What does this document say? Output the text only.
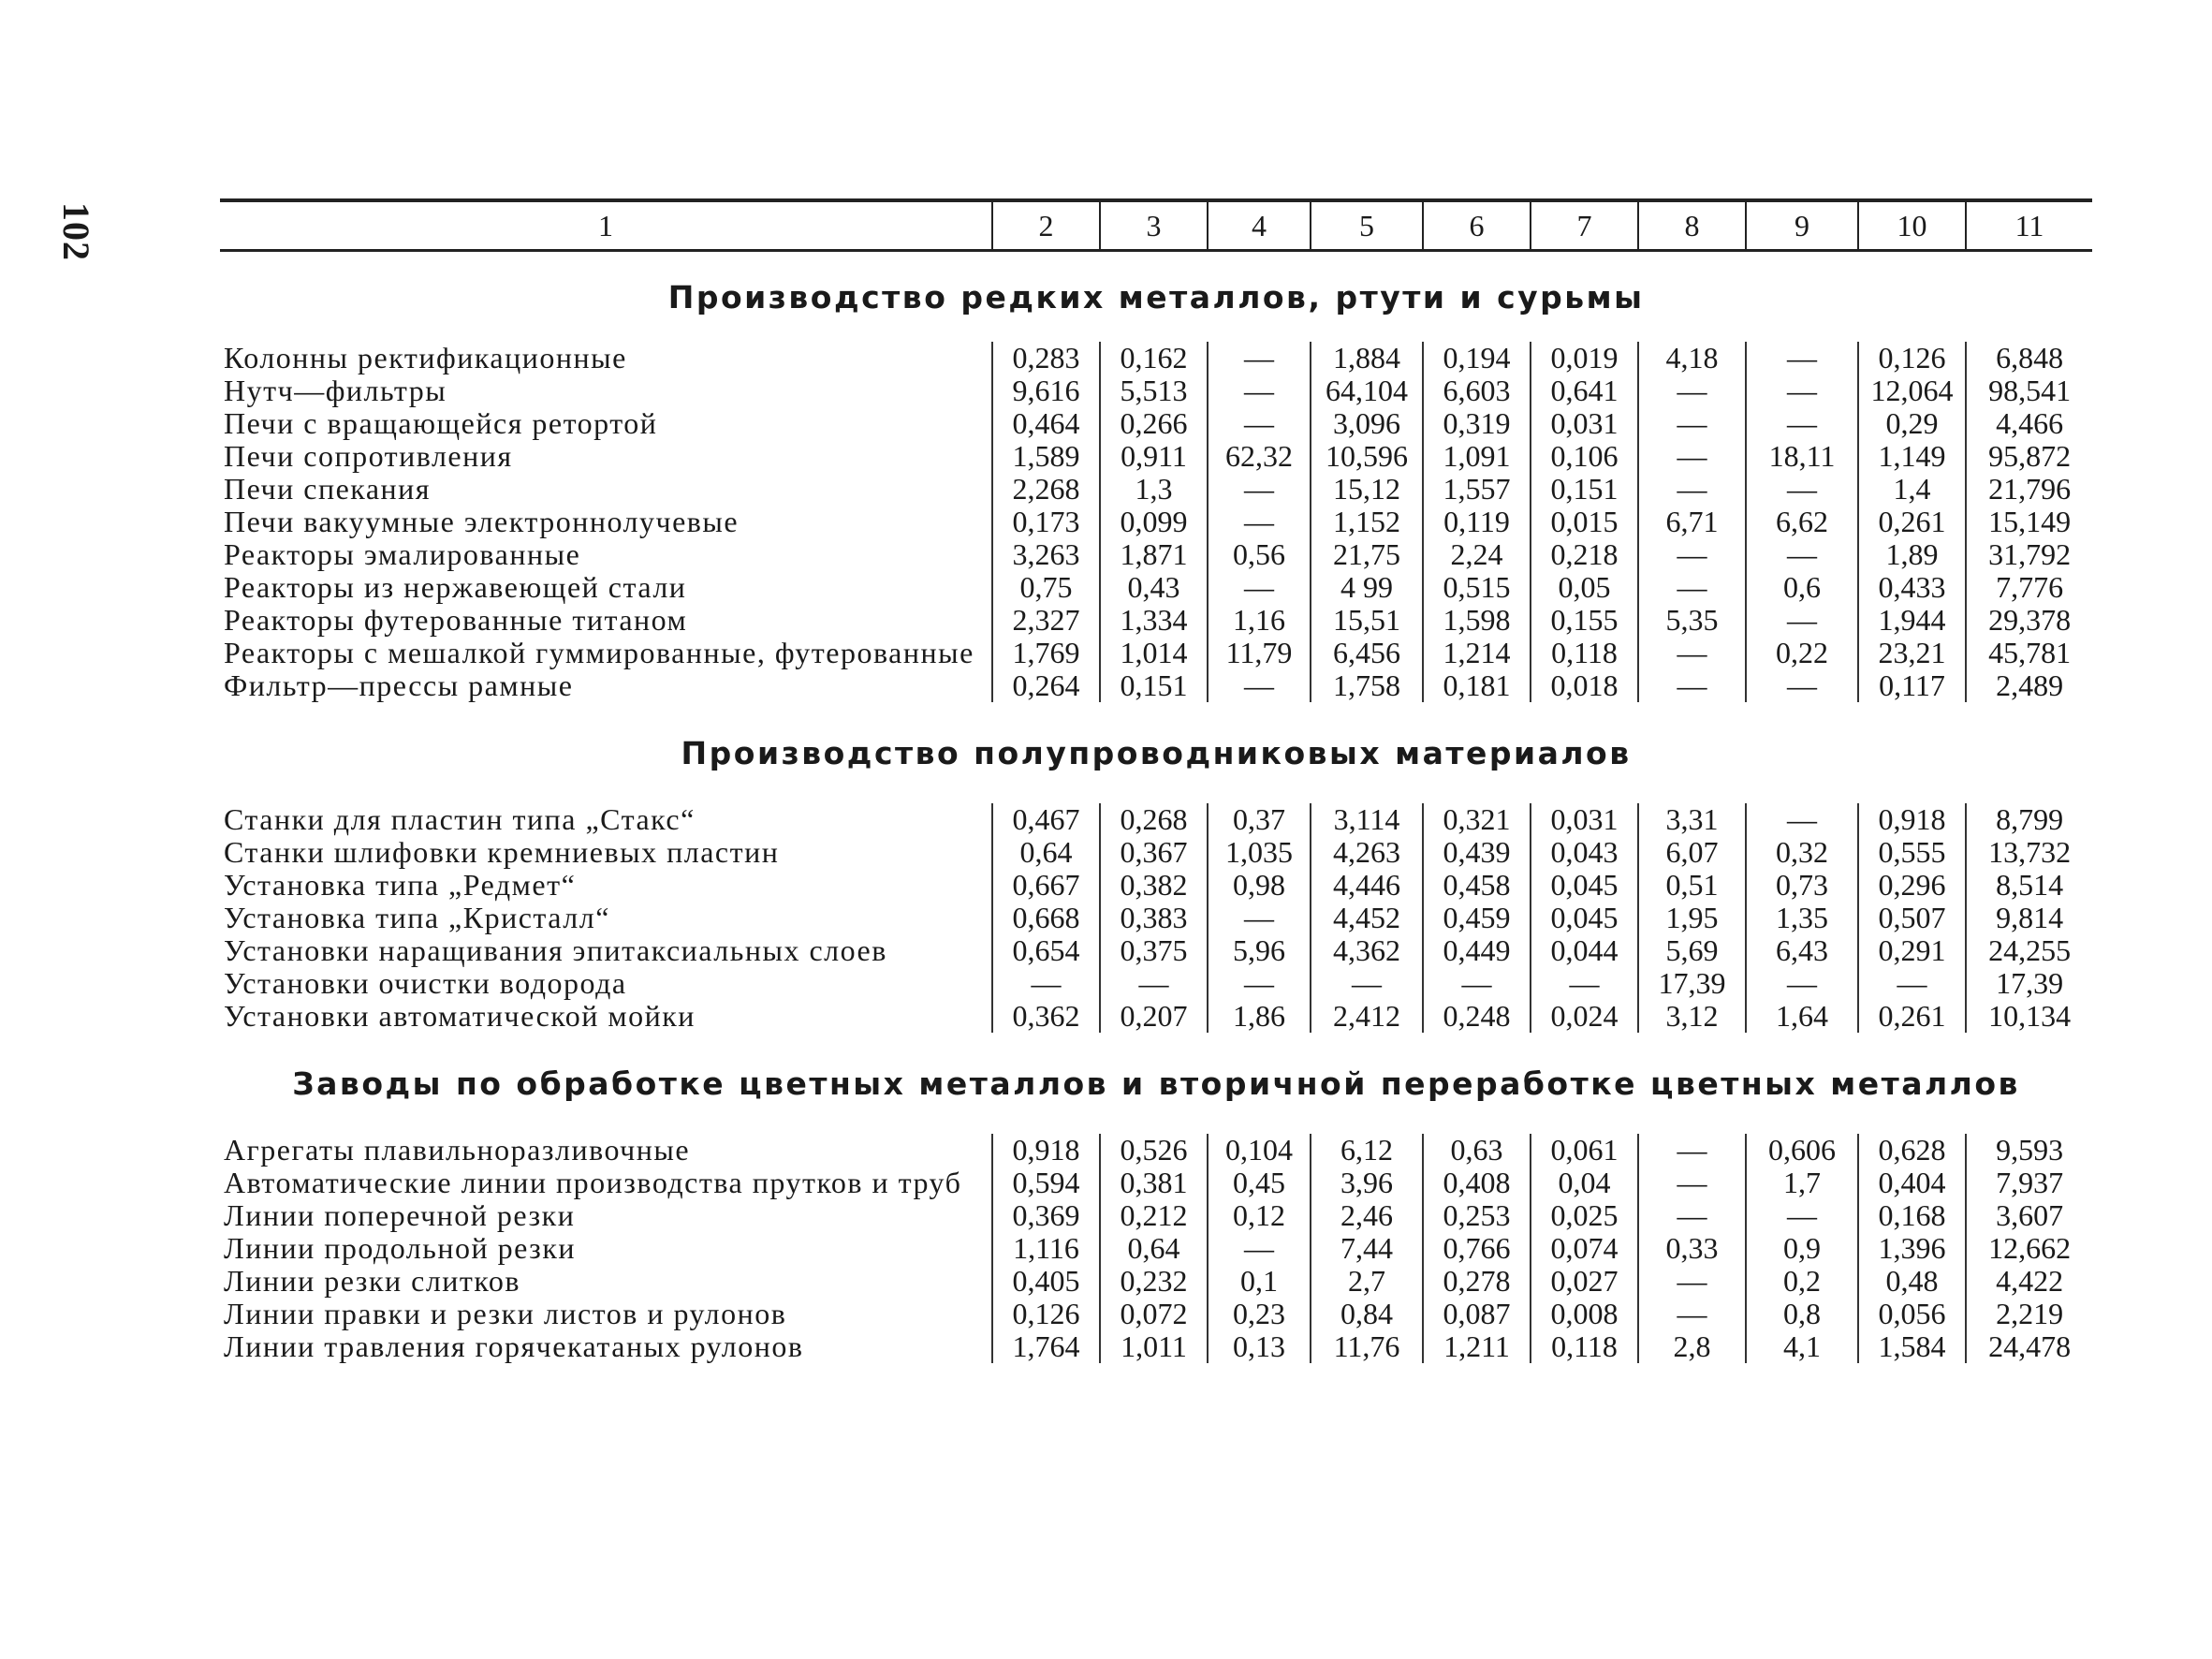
102	1	2	3	4	5	6	7	8	9	10	11
Производство редких металлов, ртути и сурьмы										
Колонны ректификационные	0,283	0,162	—	1,884	0,194	0,019	4,18	—	0,126	6,848
Нутч—фильтры	9,616	5,513	—	64,104	6,603	0,641	—	—	12,064	98,541
Печи с вращающейся ретортой	0,464	0,266	—	3,096	0,319	0,031	—	—	0,29	4,466
Печи сопротивления	1,589	0,911	62,32	10,596	1,091	0,106	—	18,11	1,149	95,872
Печи спекания	2,268	1,3	—	15,12	1,557	0,151	—	—	1,4	21,796
Печи вакуумные электроннолучевые	0,173	0,099	—	1,152	0,119	0,015	6,71	6,62	0,261	15,149
Реакторы эмалированные	3,263	1,871	0,56	21,75	2,24	0,218	—	—	1,89	31,792
Реакторы из нержавеющей стали	0,75	0,43	—	4 99	0,515	0,05	—	0,6	0,433	7,776
Реакторы футерованные титаном	2,327	1,334	1,16	15,51	1,598	0,155	5,35	—	1,944	29,378
Реакторы с мешалкой гуммированные, футерованные	1,769	1,014	11,79	6,456	1,214	0,118	—	0,22	23,21	45,781
Фильтр—прессы рамные	0,264	0,151	—	1,758	0,181	0,018	—	—	0,117	2,489
Производство полупроводниковых материалов										
Станки для пластин типа „Стакс“	0,467	0,268	0,37	3,114	0,321	0,031	3,31	—	0,918	8,799
Станки шлифовки кремниевых пластин	0,64	0,367	1,035	4,263	0,439	0,043	6,07	0,32	0,555	13,732
Установка типа „Редмет“	0,667	0,382	0,98	4,446	0,458	0,045	0,51	0,73	0,296	8,514
Установка типа „Кристалл“	0,668	0,383	—	4,452	0,459	0,045	1,95	1,35	0,507	9,814
Установки наращивания эпитаксиальных слоев	0,654	0,375	5,96	4,362	0,449	0,044	5,69	6,43	0,291	24,255
Установки очистки водорода	—	—	—	—	—	—	17,39	—	—	17,39
Установки автоматической мойки	0,362	0,207	1,86	2,412	0,248	0,024	3,12	1,64	0,261	10,134
Заводы по обработке цветных металлов и вторичной переработке цветных металлов										
Агрегаты плавильноразливочные	0,918	0,526	0,104	6,12	0,63	0,061	—	0,606	0,628	9,593
Автоматические линии производства прутков и труб	0,594	0,381	0,45	3,96	0,408	0,04	—	1,7	0,404	7,937
Линии поперечной резки	0,369	0,212	0,12	2,46	0,253	0,025	—	—	0,168	3,607
Линии продольной резки	1,116	0,64	—	7,44	0,766	0,074	0,33	0,9	1,396	12,662
Линии резки слитков	0,405	0,232	0,1	2,7	0,278	0,027	—	0,2	0,48	4,422
Линии правки и резки листов и рулонов	0,126	0,072	0,23	0,84	0,087	0,008	—	0,8	0,056	2,219
Линии травления горячекатаных рулонов	1,764	1,011	0,13	11,76	1,211	0,118	2,8	4,1	1,584	24,478
